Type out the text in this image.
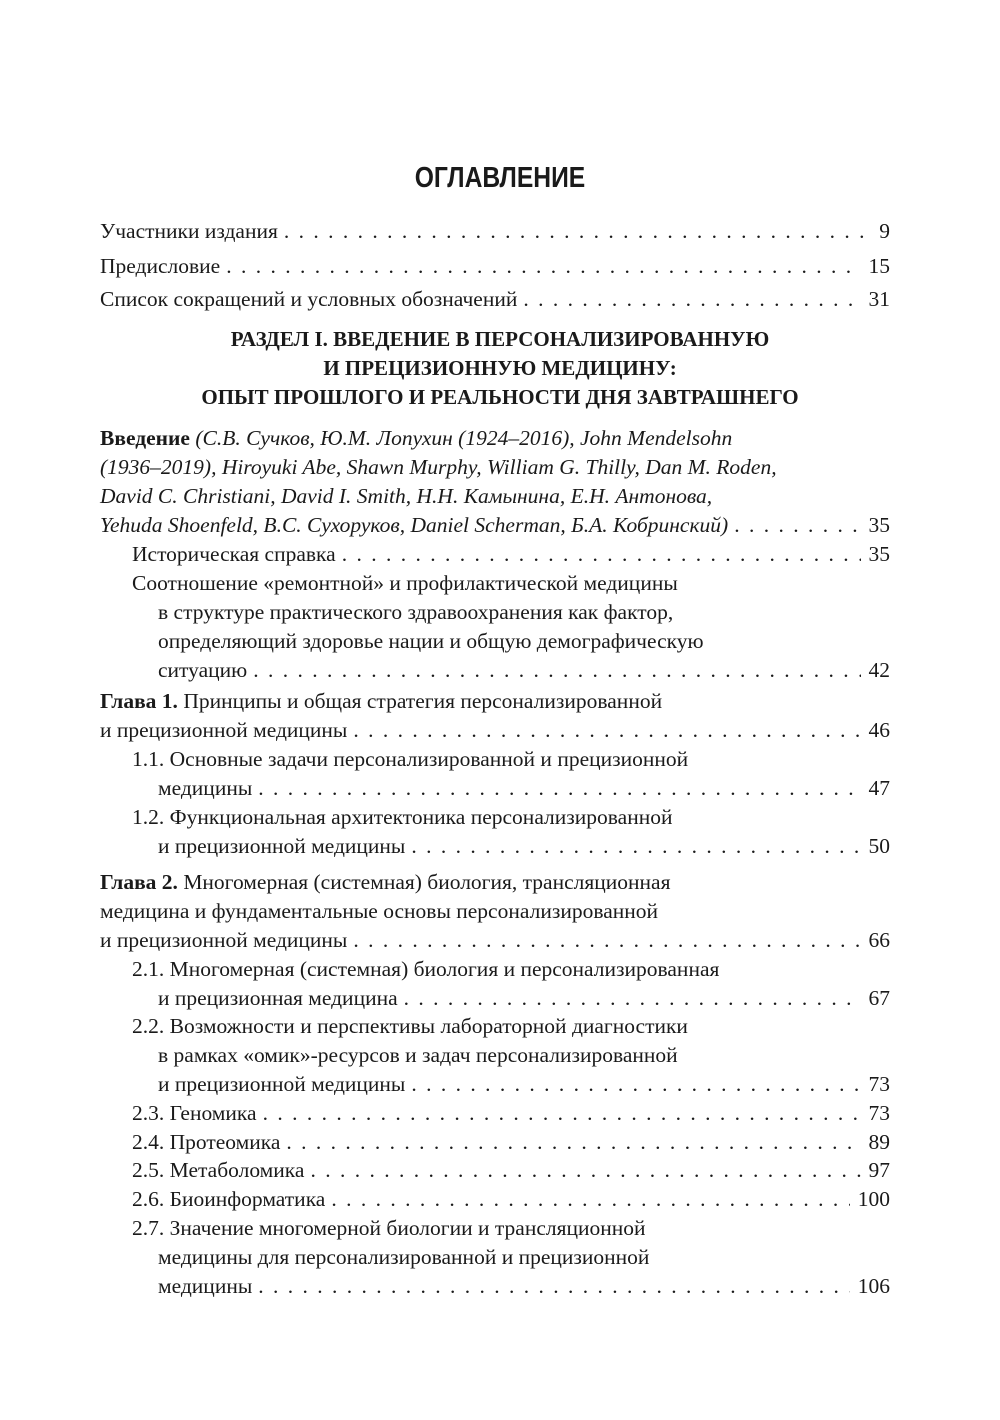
ОГЛАВЛЕНИЕ
Участники издания . . .	9
Предисловие . . .	15
Список сокращений и условных обозначений . . .	31
РАЗДЕЛ I. ВВЕДЕНИЕ В ПЕРСОНАЛИЗИРОВАННУЮ
И ПРЕЦИЗИОННУЮ МЕДИЦИНУ:
ОПЫТ ПРОШЛОГО И РЕАЛЬНОСТИ ДНЯ ЗАВТРАШНЕГО
Введение (С.В. Сучков, Ю.М. Лопухин (1924–2016), John Mendelsohn
(1936–2019), Hiroyuki Abe, Shawn Murphy, William G. Thilly, Dan M. Roden,
David C. Christiani, David I. Smith, Н.Н. Камынина, Е.Н. Антонова,
Yehuda Shoenfeld, В.С. Сухоруков, Daniel Scherman, Б.А. Кобринский) . . .	35
Историческая справка . . .	35
Соотношение «ремонтной» и профилактической медицины
в структуре практического здравоохранения как фактор,
определяющий здоровье нации и общую демографическую
ситуацию . . .	42
Глава 1. Принципы и общая стратегия персонализированной
и прецизионной медицины . . .	46
1.1. Основные задачи персонализированной и прецизионной
медицины . . .	47
1.2. Функциональная архитектоника персонализированной
и прецизионной медицины . . .	50
Глава 2. Многомерная (системная) биология, трансляционная
медицина и фундаментальные основы персонализированной
и прецизионной медицины . . .	66
2.1. Многомерная (системная) биология и персонализированная
и прецизионная медицина . . .	67
2.2. Возможности и перспективы лабораторной диагностики
в рамках «омик»-ресурсов и задач персонализированной
и прецизионной медицины . . .	73
2.3. Геномика . . .	73
2.4. Протеомика . . .	89
2.5. Метаболомика . . .	97
2.6. Биоинформатика . . .	100
2.7. Значение многомерной биологии и трансляционной
медицины для персонализированной и прецизионной
медицины . . .	106
